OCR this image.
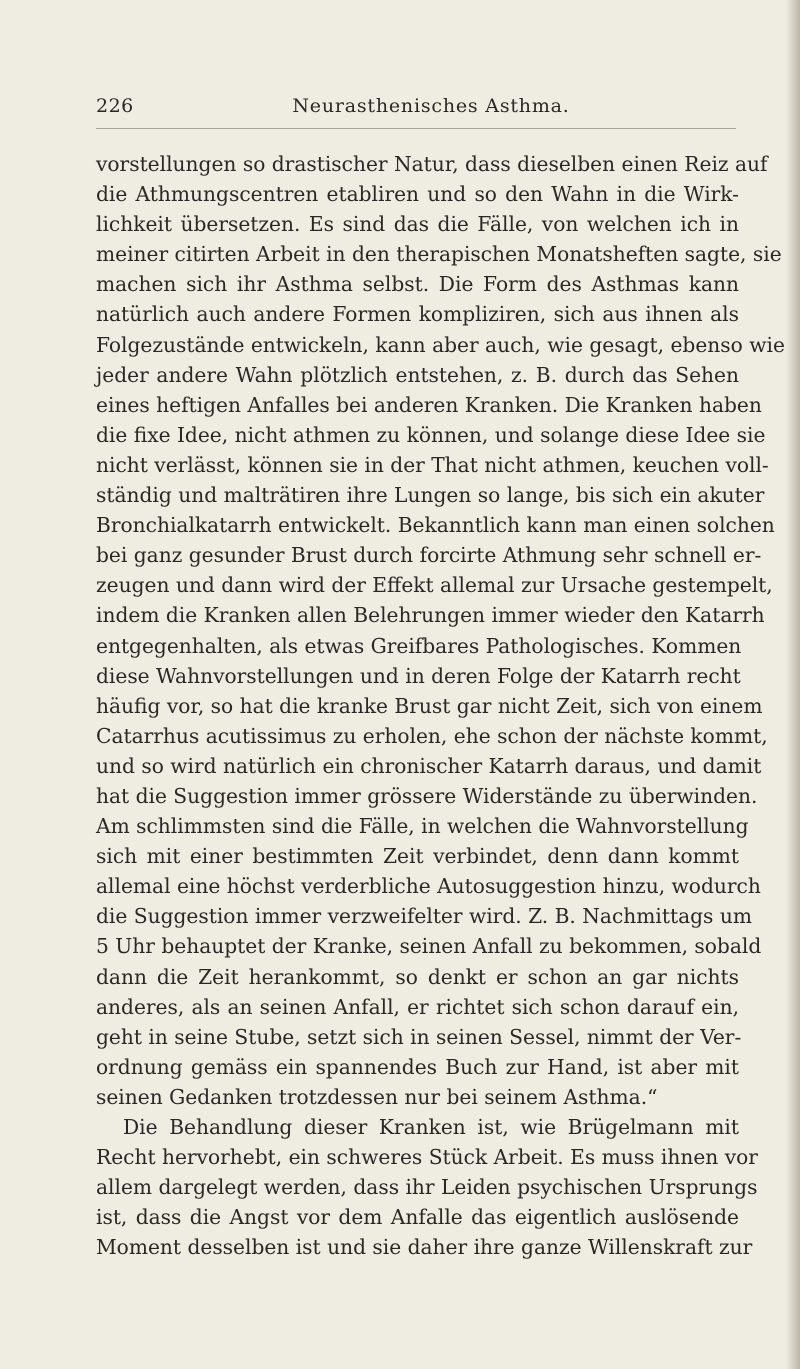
226	Neurasthenisches Asthma.
vorstellungen so drastischer Natur, dass dieselben einen Reiz auf
die Athmungscentren etabliren und so den Wahn in die Wirk-
lichkeit übersetzen. Es sind das die Fälle, von welchen ich in
meiner citirten Arbeit in den therapischen Monatsheften sagte, sie
machen sich ihr Asthma selbst. Die Form des Asthmas kann
natürlich auch andere Formen kompliziren, sich aus ihnen als
Folgezustände entwickeln, kann aber auch, wie gesagt, ebenso wie
jeder andere Wahn plötzlich entstehen, z. B. durch das Sehen
eines heftigen Anfalles bei anderen Kranken. Die Kranken haben
die fixe Idee, nicht athmen zu können, und solange diese Idee sie
nicht verlässt, können sie in der That nicht athmen, keuchen voll-
ständig und malträtiren ihre Lungen so lange, bis sich ein akuter
Bronchialkatarrh entwickelt. Bekanntlich kann man einen solchen
bei ganz gesunder Brust durch forcirte Athmung sehr schnell er-
zeugen und dann wird der Effekt allemal zur Ursache gestempelt,
indem die Kranken allen Belehrungen immer wieder den Katarrh
entgegenhalten, als etwas Greifbares Pathologisches. Kommen
diese Wahnvorstellungen und in deren Folge der Katarrh recht
häufig vor, so hat die kranke Brust gar nicht Zeit, sich von einem
Catarrhus acutissimus zu erholen, ehe schon der nächste kommt,
und so wird natürlich ein chronischer Katarrh daraus, und damit
hat die Suggestion immer grössere Widerstände zu überwinden.
Am schlimmsten sind die Fälle, in welchen die Wahnvorstellung
sich mit einer bestimmten Zeit verbindet, denn dann kommt
allemal eine höchst verderbliche Autosuggestion hinzu, wodurch
die Suggestion immer verzweifelter wird. Z. B. Nachmittags um
5 Uhr behauptet der Kranke, seinen Anfall zu bekommen, sobald
dann die Zeit herankommt, so denkt er schon an gar nichts
anderes, als an seinen Anfall, er richtet sich schon darauf ein,
geht in seine Stube, setzt sich in seinen Sessel, nimmt der Ver-
ordnung gemäss ein spannendes Buch zur Hand, ist aber mit
seinen Gedanken trotzdessen nur bei seinem Asthma.“
Die Behandlung dieser Kranken ist, wie Brügelmann mit
Recht hervorhebt, ein schweres Stück Arbeit. Es muss ihnen vor
allem dargelegt werden, dass ihr Leiden psychischen Ursprungs
ist, dass die Angst vor dem Anfalle das eigentlich auslösende
Moment desselben ist und sie daher ihre ganze Willenskraft zur
